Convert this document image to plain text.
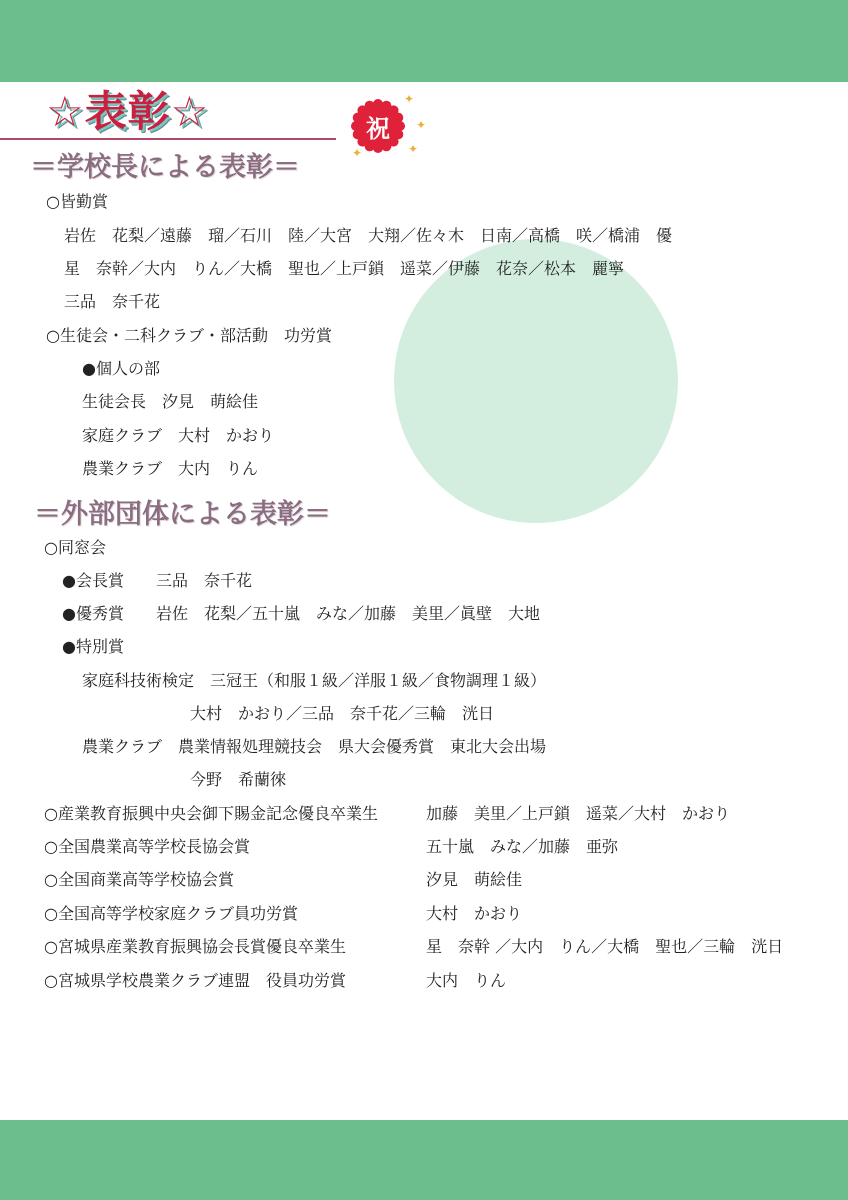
☆表彰☆	祝
✦
✦
✦
✦
＝学校長による表彰＝
○皆勤賞
岩佐　花梨／遠藤　瑠／石川　陸／大宮　大翔／佐々木　日南／高橋　咲／橋浦　優
星　奈幹／大内　りん／大橋　聖也／上戸鎖　遥菜／伊藤　花奈／松本　麗寧
三品　奈千花
○生徒会・二科クラブ・部活動　功労賞
●個人の部
生徒会長　汐見　萌絵佳
家庭クラブ　大村　かおり
農業クラブ　大内　りん
＝外部団体による表彰＝
○同窓会
●会長賞　　三品　奈千花
●優秀賞　　岩佐　花梨／五十嵐　みな／加藤　美里／眞壁　大地
●特別賞
家庭科技術検定　三冠王（和服１級／洋服１級／食物調理１級）
大村　かおり／三品　奈千花／三輪　洸日
農業クラブ　農業情報処理競技会　県大会優秀賞　東北大会出場
今野　希蘭徠
○産業教育振興中央会御下賜金記念優良卒業生	加藤　美里／上戸鎖　遥菜／大村　かおり
○全国農業高等学校長協会賞	五十嵐　みな／加藤　亜弥
○全国商業高等学校協会賞	汐見　萌絵佳
○全国高等学校家庭クラブ員功労賞	大村　かおり
○宮城県産業教育振興協会長賞優良卒業生	星　奈幹 ／大内　りん／大橋　聖也／三輪　洸日
○宮城県学校農業クラブ連盟　役員功労賞	大内　りん
